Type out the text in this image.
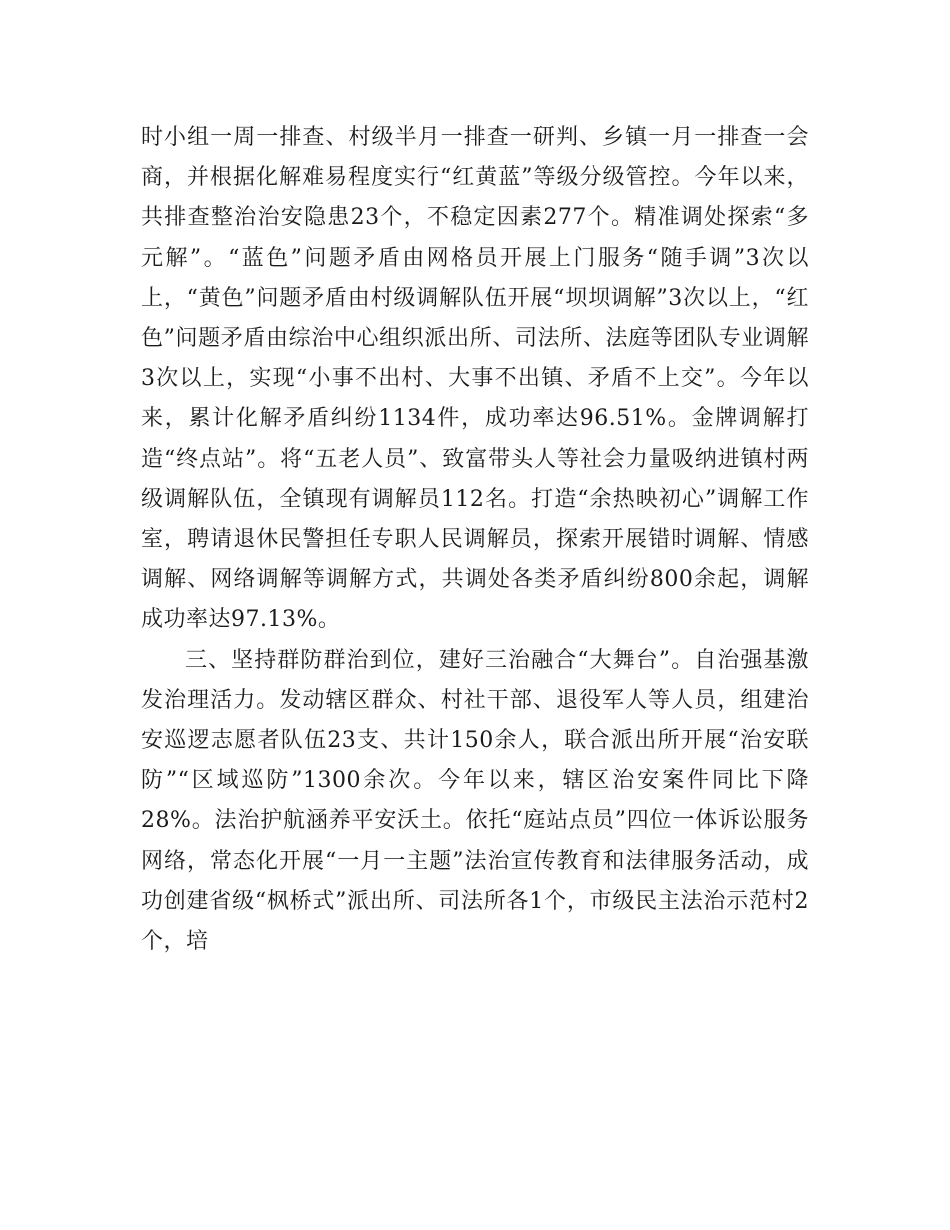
时小组一周一排查、村级半月一排查一研判、乡镇一月一排查一会商，并根据化解难易程度实行“红黄蓝”等级分级管控。今年以来，共排查整治治安隐患23个，不稳定因素277个。精准调处探索“多元解”。“蓝色”问题矛盾由网格员开展上门服务“随手调”3次以上，“黄色”问题矛盾由村级调解队伍开展“坝坝调解”3次以上，“红色”问题矛盾由综治中心组织派出所、司法所、法庭等团队专业调解3次以上，实现“小事不出村、大事不出镇、矛盾不上交”。今年以来，累计化解矛盾纠纷1134件，成功率达96.51%。金牌调解打造“终点站”。将“五老人员”、致富带头人等社会力量吸纳进镇村两级调解队伍，全镇现有调解员112名。打造“余热映初心”调解工作室，聘请退休民警担任专职人民调解员，探索开展错时调解、情感调解、网络调解等调解方式，共调处各类矛盾纠纷800余起，调解成功率达97.13%。

三、坚持群防群治到位，建好三治融合“大舞台”。自治强基激发治理活力。发动辖区群众、村社干部、退役军人等人员，组建治安巡逻志愿者队伍23支、共计150余人，联合派出所开展“治安联防”“区域巡防”1300余次。今年以来，辖区治安案件同比下降28%。法治护航涵养平安沃土。依托“庭站点员”四位一体诉讼服务网络，常态化开展“一月一主题”法治宣传教育和法律服务活动，成功创建省级“枫桥式”派出所、司法所各1个，市级民主法治示范村2个，培
